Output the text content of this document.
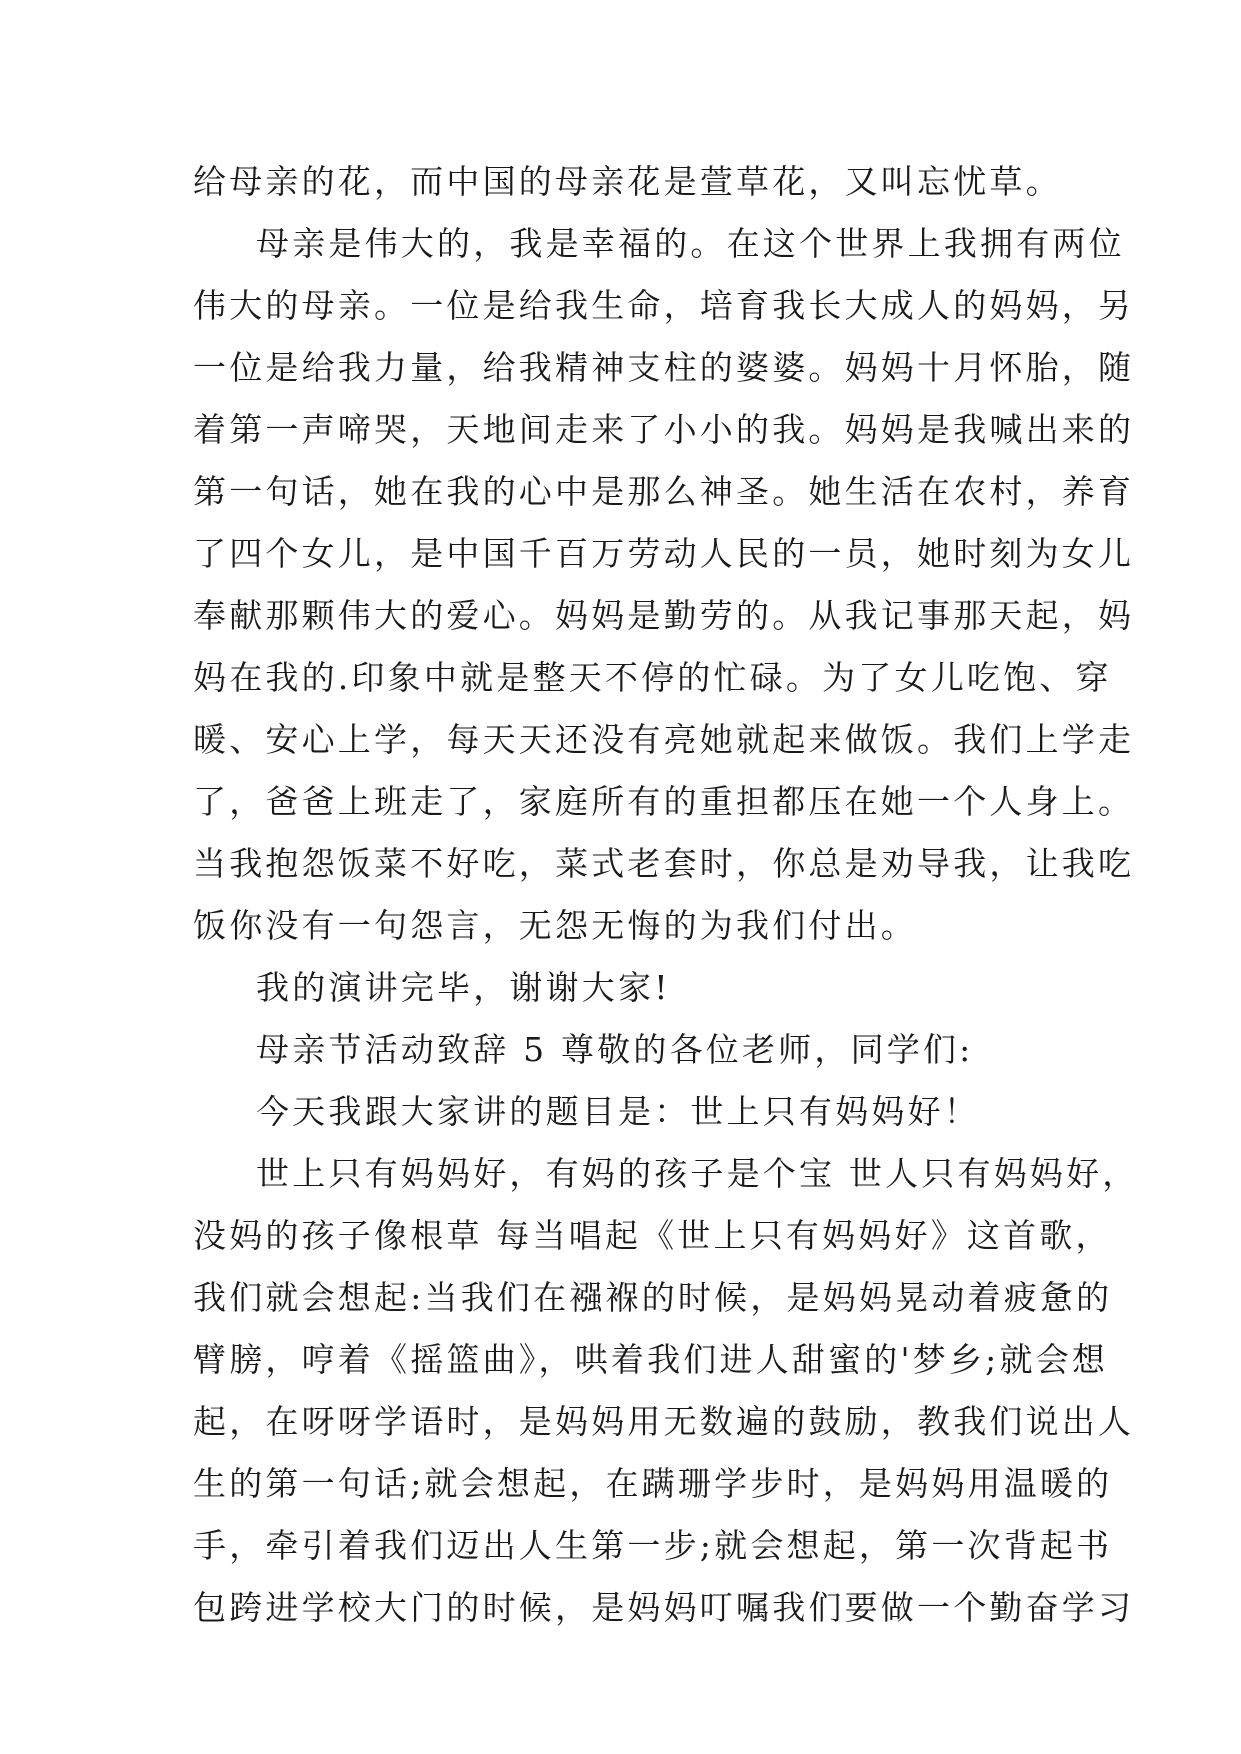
给母亲的花，而中国的母亲花是萱草花，又叫忘忧草。
母亲是伟大的，我是幸福的。在这个世界上我拥有两位
伟大的母亲。一位是给我生命，培育我长大成人的妈妈，另
一位是给我力量，给我精神支柱的婆婆。妈妈十月怀胎，随
着第一声啼哭，天地间走来了小小的我。妈妈是我喊出来的
第一句话，她在我的心中是那么神圣。她生活在农村，养育
了四个女儿，是中国千百万劳动人民的一员，她时刻为女儿
奉献那颗伟大的爱心。妈妈是勤劳的。从我记事那天起，妈
妈在我的.印象中就是整天不停的忙碌。为了女儿吃饱、穿
暖、安心上学，每天天还没有亮她就起来做饭。我们上学走
了，爸爸上班走了，家庭所有的重担都压在她一个人身上。
当我抱怨饭菜不好吃，菜式老套时，你总是劝导我，让我吃
饭你没有一句怨言，无怨无悔的为我们付出。
我的演讲完毕，谢谢大家!
母亲节活动致辞 5 尊敬的各位老师，同学们:
今天我跟大家讲的题目是：世上只有妈妈好！
世上只有妈妈好，有妈的孩子是个宝 世人只有妈妈好，
没妈的孩子像根草 每当唱起《世上只有妈妈好》这首歌，
我们就会想起:当我们在襁褓的时候，是妈妈晃动着疲惫的
臂膀，哼着《摇篮曲》，哄着我们进人甜蜜的'梦乡;就会想
起，在呀呀学语时，是妈妈用无数遍的鼓励，教我们说出人
生的第一句话;就会想起，在蹒珊学步时，是妈妈用温暖的
手，牵引着我们迈出人生第一步;就会想起，第一次背起书
包跨进学校大门的时候，是妈妈叮嘱我们要做一个勤奋学习
